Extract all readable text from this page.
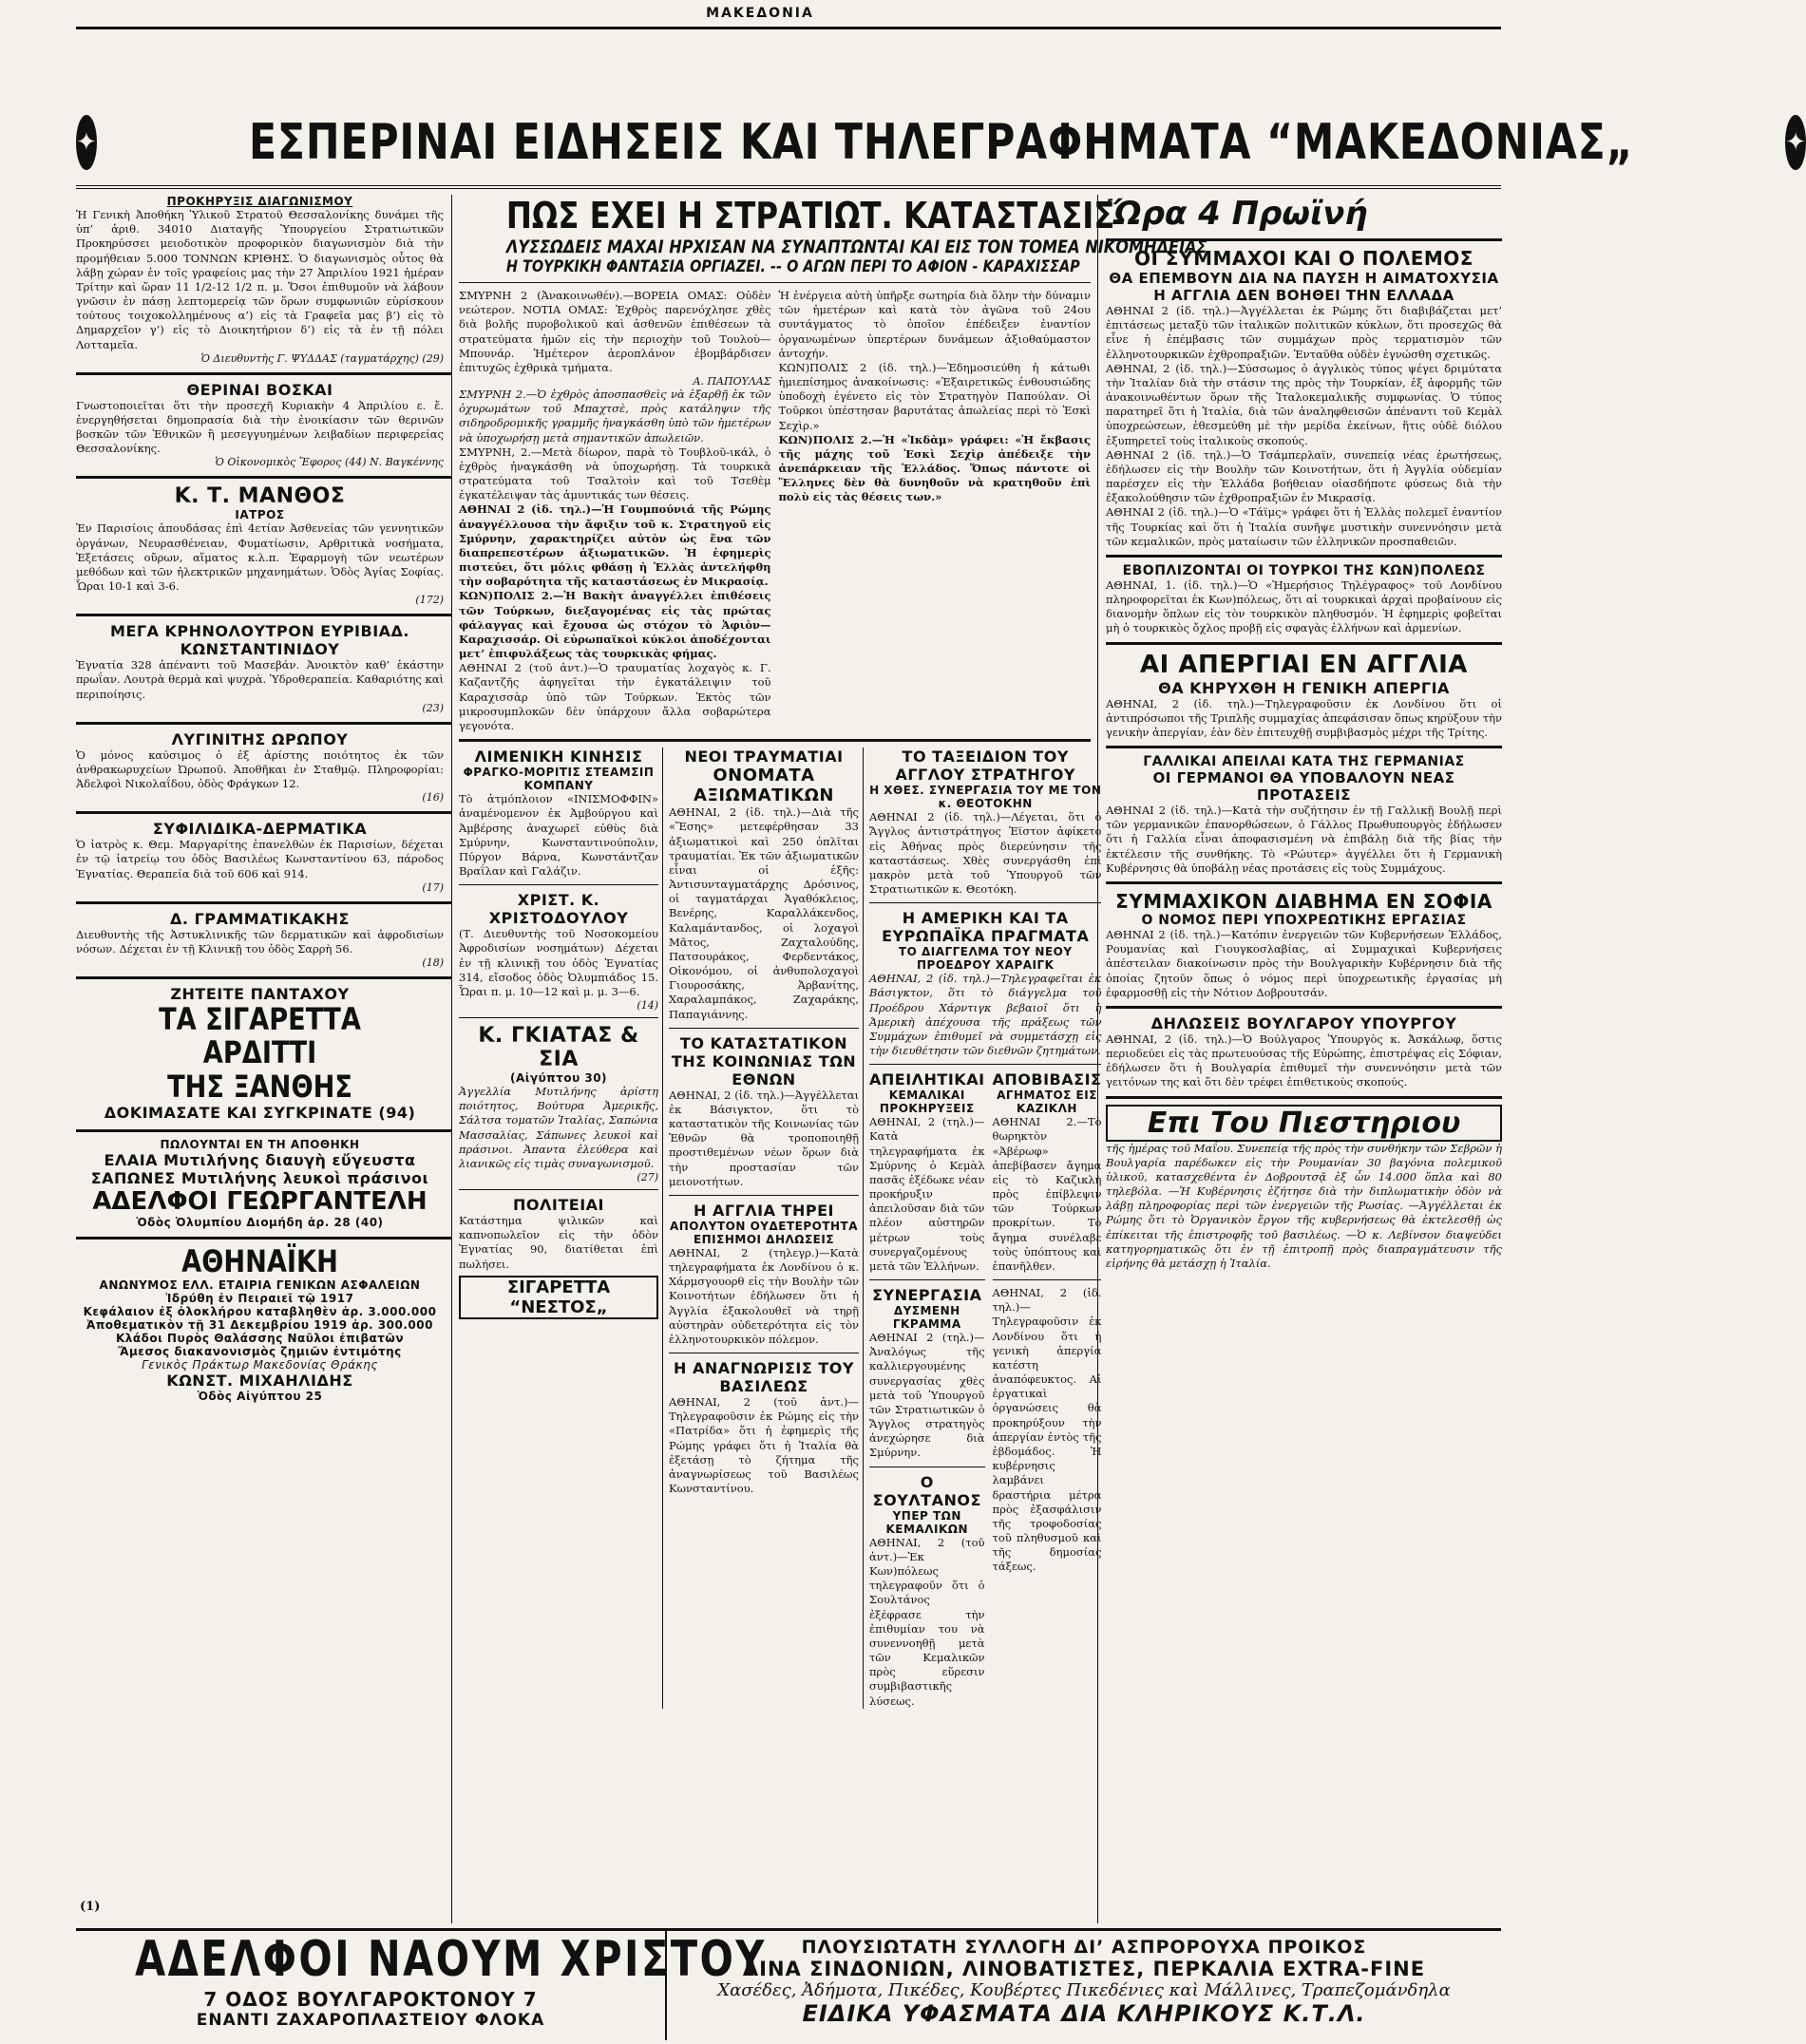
ΜΑΚΕΔΟΝΙΑ
✦	ΕΣΠΕΡΙΝΑΙ ΕΙΔΗΣΕΙΣ ΚΑΙ ΤΗΛΕΓΡΑΦΗΜΑΤΑ “ΜΑΚΕΔΟΝΙΑΣ„	✦
ΠΡΟΚΗΡΥΞΙΣ ΔΙΑΓΩΝΙΣΜΟΥ
Ἡ Γενικὴ Ἀποθήκη Ὑλικοῦ Στρατοῦ Θεσσαλονίκης δυνάμει τῆς ὑπ’ ἀριθ. 34010 Διαταγῆς Ὑπουργείου Στρατιωτικῶν Προκηρύσσει μειοδοτικὸν προφορικὸν διαγωνισμὸν διὰ τὴν προμήθειαν 5.000 ΤΟΝΝΩΝ ΚΡΙΘΗΣ. Ὁ διαγωνισμὸς οὗτος θὰ λάβῃ χώραν ἐν τοῖς γραφείοις μας τὴν 27 Ἀπριλίου 1921 ἡμέραν Τρίτην καὶ ὥραν 11 1/2-12 1/2 π. μ. Ὅσοι ἐπιθυμοῦν νὰ λάβουν γνῶσιν ἐν πάσῃ λεπτομερείᾳ τῶν ὅρων συμφωνιῶν εὑρίσκουν τούτους τοιχοκολλημένους α’) εἰς τὰ Γραφεῖα μας β’) εἰς τὸ Δημαρχεῖον γ’) εἰς τὸ Διοικητήριον δ’) εἰς τὰ ἐν τῇ πόλει Λοτταμεῖα.
Ὁ Διευθυντὴς Γ. ΨΥΔΔΑΣ (ταγματάρχης) (29)
ΘΕΡΙΝΑΙ ΒΟΣΚΑΙ
Γνωστοποιεῖται ὅτι τὴν προσεχῆ Κυριακὴν 4 Ἀπριλίου ε. ἔ. ἐνεργηθήσεται δημοπρασία διὰ τὴν ἐνοικίασιν τῶν θερινῶν βοσκῶν τῶν Ἐθνικῶν ἢ μεσεγγυημένων λειβαδίων περιφερείας Θεσσαλονίκης.
Ὁ Οἰκονομικὸς Ἔφορος (44) Ν. Βαγκέννης
Κ. Τ. ΜΑΝΘΟΣ
ΙΑΤΡΟΣ
Ἐν Παρισίοις ἀπουδάσας ἐπὶ 4ετίαν Ἀσθενείας τῶν γεννητικῶν ὀργάνων, Νευρασθένειαν, Φυματίωσιν, Αρθριτικὰ νοσήματα, Ἐξετάσεις οὔρων, αἵματος κ.λ.π. Ἐφαρμογὴ τῶν νεωτέρων μεθόδων καὶ τῶν ἠλεκτρικῶν μηχανημάτων. Ὁδὸς Ἀγίας Σοφίας. Ὧραι 10-1 καὶ 3-6.
(172)
ΜΕΓΑ ΚΡΗΝΟΛΟΥΤΡΟΝ ΕΥΡΙΒΙΑΔ. ΚΩΝΣΤΑΝΤΙΝΙΔΟΥ
Ἐγνατία 328 ἀπέναντι τοῦ Μασεβάν. Ἀνοικτὸν καθ’ ἑκάστην πρωΐαν. Λουτρὰ θερμὰ καὶ ψυχρὰ. Ὑδροθεραπεία. Καθαριότης καὶ περιποίησις.
(23)
ΛΥΓΙΝΙΤΗΣ ΩΡΩΠΟΥ
Ὁ μόνος καύσιμος ὁ ἐξ ἀρίστης ποιότητος ἐκ τῶν ἀνθρακωρυχείων Ὠρωποῦ. Ἀποθῆκαι ἐν Σταθμῷ. Πληροφορίαι: Ἀδελφοὶ Νικολαΐδου, ὁδὸς Φράγκων 12.
(16)
ΣΥΦΙΛΙΔΙΚΑ-ΔΕΡΜΑΤΙΚΑ
Ὁ ἰατρὸς κ. Θεμ. Μαργαρίτης ἐπανελθὼν ἐκ Παρισίων, δέχεται ἐν τῷ ἰατρείῳ του ὁδὸς Βασιλέως Κωνσταντίνου 63, πάροδος Ἐγνατίας. Θεραπεία διὰ τοῦ 606 καὶ 914.
(17)
Δ. ΓΡΑΜΜΑΤΙΚΑΚΗΣ
Διευθυντὴς τῆς Ἀστυκλινικῆς τῶν δερματικῶν καὶ ἀφροδισίων νόσων. Δέχεται ἐν τῇ Κλινικῇ του ὁδὸς Σαρρὴ 56.
(18)
ΖΗΤΕΙΤΕ ΠΑΝΤΑΧΟΥ
ΤΑ ΣΙΓΑΡΕΤΤΑ ΑΡΔΙΤΤΙ
ΤΗΣ ΞΑΝΘΗΣ
ΔΟΚΙΜΑΣΑΤΕ ΚΑΙ ΣΥΓΚΡΙΝΑΤΕ (94)
ΠΩΛΟΥΝΤΑΙ ΕΝ ΤΗ ΑΠΟΘΗΚΗ
ΕΛΑΙΑ Μυτιλήνης διαυγὴ εὔγευστα
ΣΑΠΩΝΕΣ Μυτιλήνης λευκοὶ πράσινοι
ΑΔΕΛΦΟΙ ΓΕΩΡΓΑΝΤΕΛΗ
Ὁδὸς Ὀλυμπίου Διομήδη ἀρ. 28 (40)
ΑΘΗΝΑΪΚΗ
ΑΝΩΝΥΜΟΣ ΕΛΛ. ΕΤΑΙΡΙΑ ΓΕΝΙΚΩΝ ΑΣΦΑΛΕΙΩΝ
Ἱδρύθη ἐν Πειραιεῖ τῷ 1917
Κεφάλαιον ἐξ ὁλοκλήρου καταβληθὲν ἀρ. 3.000.000
Ἀποθεματικὸν τῇ 31 Δεκεμβρίου 1919 ἀρ. 300.000
Κλάδοι Πυρὸς Θαλάσσης Ναῦλοι ἐπιβατῶν
Ἄμεσος διακανονισμὸς ζημιῶν ἐντιμότης
Γενικὸς Πράκτωρ Μακεδονίας Θράκης
ΚΩΝΣΤ. ΜΙΧΑΗΛΙΔΗΣ
Ὁδὸς Αἰγύπτου 25
(1)
ΠΩΣ ΕΧΕΙ Η ΣΤΡΑΤΙΩΤ. ΚΑΤΑΣΤΑΣΙΣ
ΛΥΣΣΩΔΕΙΣ ΜΑΧΑΙ ΗΡΧΙΣΑΝ ΝΑ ΣΥΝΑΠΤΩΝΤΑΙ ΚΑΙ ΕΙΣ ΤΟΝ ΤΟΜΕΑ ΝΙΚΟΜΗΔΕΙΑΣ
Η ΤΟΥΡΚΙΚΗ ΦΑΝΤΑΣΙΑ ΟΡΓΙΑΖΕΙ. -- Ο ΑΓΩΝ ΠΕΡΙ ΤΟ ΑΦΙΟΝ - ΚΑΡΑΧΙΣΣΑΡ
ΣΜΥΡΝΗ 2 (Ἀνακοινωθέν).—ΒΟΡΕΙΑ ΟΜΑΣ: Οὐδὲν νεώτερον. ΝΟΤΙΑ ΟΜΑΣ: Ἐχθρὸς παρενόχλησε χθὲς διὰ βολῆς πυροβολικοῦ καὶ ἀσθενῶν ἐπιθέσεων τὰ στρατεύματα ἡμῶν εἰς τὴν περιοχὴν τοῦ Τουλοὺ—Μπουνάρ. Ἡμέτερον ἀεροπλάνον ἐβομβάρδισεν ἐπιτυχῶς ἐχθρικὰ τμήματα.
Α. ΠΑΠΟΥΛΑΣ
ΣΜΥΡΝΗ 2.—Ὁ ἐχθρὸς ἀποσπασθεὶς νὰ ἐξαρθῇ ἐκ τῶν ὀχυρωμάτων τοῦ Μπαχτσὲ, πρὸς κατάληψιν τῆς σιδηροδρομικῆς γραμμῆς ἠναγκάσθη ὑπὸ τῶν ἡμετέρων νὰ ὑποχωρήσῃ μετὰ σημαντικῶν ἀπωλειῶν.
ΣΜΥΡΝΗ, 2.—Μετὰ δίωρον, παρὰ τὸ Τουβλοῦ-ικάλ, ὁ ἐχθρὸς ἠναγκάσθη νὰ ὑποχωρήσῃ. Τὰ τουρκικὰ στρατεύματα τοῦ Τσαλτοὶν καὶ τοῦ Τσεθὲμ ἐγκατέλειψαν τὰς ἀμυντικάς των θέσεις.
ΑΘΗΝΑΙ 2 (ἰδ. τηλ.)—Ἡ Γουμπούνιά τῆς Ρώμης ἀναγγέλλουσα τὴν ἄφιξιν τοῦ κ. Στρατηγοῦ εἰς Σμύρνην, χαρακτηρίζει αὐτὸν ὡς ἕνα τῶν διαπρεπεστέρων ἀξιωματικῶν. Ἡ ἐφημερὶς πιστεύει, ὅτι μόλις φθάσῃ ἡ Ἑλλὰς ἀντελήφθη τὴν σοβαρότητα τῆς καταστάσεως ἐν Μικρασίᾳ.
ΚΩΝ)ΠΟΛΙΣ 2.—Ἡ Βακὴτ ἀναγγέλλει ἐπιθέσεις τῶν Τούρκων, διεξαγομένας εἰς τὰς πρώτας φάλαγγας καὶ ἔχουσα ὡς στόχον τὸ Ἀφιὸν—Καραχισσάρ. Οἱ εὐρωπαϊκοὶ κύκλοι ἀποδέχονται μετ’ ἐπιφυλάξεως τὰς τουρκικὰς φήμας.
ΑΘΗΝΑΙ 2 (τοῦ ἀντ.)—Ὁ τραυματίας λοχαγὸς κ. Γ. Καζαντζῆς ἀφηγεῖται τὴν ἐγκατάλειψιν τοῦ Καραχισσὰρ ὑπὸ τῶν Τούρκων. Ἐκτὸς τῶν μικροσυμπλοκῶν δὲν ὑπάρχουν ἄλλα σοβαρώτερα γεγονότα.
Ἡ ἐνέργεια αὐτὴ ὑπῆρξε σωτηρία διὰ ὅλην τὴν δύναμιν τῶν ἡμετέρων καὶ κατὰ τὸν ἀγῶνα τοῦ 24ου συντάγματος τὸ ὁποῖον ἐπέδειξεν ἐναντίον ὀργανωμένων ὑπερτέρων δυνάμεων ἀξιοθαύμαστον ἀντοχήν.
ΚΩΝ)ΠΟΛΙΣ 2 (ἰδ. τηλ.)—Ἐδημοσιεύθη ἡ κάτωθι ἡμιεπίσημος ἀνακοίνωσις: «Ἐξαιρετικῶς ἐνθουσιώδης ὑποδοχὴ ἐγένετο εἰς τὸν Στρατηγὸν Παπούλαν. Οἱ Τοῦρκοι ὑπέστησαν βαρυτάτας ἀπωλείας περὶ τὸ Ἐσκὶ Σεχὶρ.»
ΚΩΝ)ΠΟΛΙΣ 2.—Ἡ «Ἰκδὰμ» γράφει: «Ἡ ἔκβασις τῆς μάχης τοῦ Ἐσκὶ Σεχὶρ ἀπέδειξε τὴν ἀνεπάρκειαν τῆς Ἑλλάδος. Ὅπως πάντοτε οἱ Ἕλληνες δὲν θὰ δυνηθοῦν νὰ κρατηθοῦν ἐπὶ πολὺ εἰς τὰς θέσεις των.»
ΛΙΜΕΝΙΚΗ ΚΙΝΗΣΙΣ
ΦΡΑΓΚΟ-ΜΟΡΙΤΙΣ ΣΤΕΑΜΣΙΠ ΚΟΜΠΑΝΥ
Τὸ ἀτμόπλοιον «ΙΝΙΣΜΟΦΦΙΝ» ἀναμένομενον ἐκ Ἀμβούργου καὶ Ἀμβέρσης ἀναχωρεῖ εὐθὺς διὰ Σμύρνην, Κωνσταντινούπολιν, Πύργον Βάρνα, Κωνστάντζαν Βραΐλαν καὶ Γαλάζιν.
ΧΡΙΣΤ. Κ. ΧΡΙΣΤΟΔΟΥΛΟΥ
(Τ. Διευθυντὴς τοῦ Νοσοκομείου Ἀφροδισίων νοσημάτων) Δέχεται ἐν τῇ κλινικῇ του ὁδὸς Ἐγνατίας 314, εἴσοδος ὁδὸς Ὀλυμπιάδος 15. Ὧραι π. μ. 10—12 καὶ μ. μ. 3—6.
(14)
Κ. ΓΚΙΑΤΑΣ & ΣΙΑ
(Αἰγύπτου 30)
Ἀγγελλία Μυτιλήνης ἀρίστη ποιότητος, Βούτυρα Ἀμερικῆς, Σάλτσα τοματῶν Ἰταλίας, Σαπώνια Μασσαλίας, Σάπωνες λευκοὶ καὶ πράσινοι. Ἀπαντα ἐλεύθερα καὶ λιανικῶς εἰς τιμὰς συναγωνισμοῦ.
(27)
ΠΟΛΙΤΕΙΑΙ
Κατάστημα ψιλικῶν καὶ καπνοπωλεῖον εἰς τὴν ὁδὸν Ἐγνατίας 90, διατίθεται ἐπὶ πωλήσει.
ΣΙΓΑΡΕΤΤΑ “ΝΕΣΤΟΣ„
ΝΕΟΙ ΤΡΑΥΜΑΤΙΑΙ
ΟΝΟΜΑΤΑ ΑΞΙΩΜΑΤΙΚΩΝ
ΑΘΗΝΑΙ, 2 (ἰδ. τηλ.)—Διὰ τῆς «Ἕσης» μετεφέρθησαν 33 ἀξιωματικοὶ καὶ 250 ὁπλῖται τραυματίαι. Ἐκ τῶν ἀξιωματικῶν εἶναι οἱ ἑξῆς: Ἀντισυνταγματάρχης Δρόσινος, οἱ ταγματάρχαι Ἀγαθόκλειος, Βενέρης, Καραλλάκενδος, Καλαμάντανδος, οἱ λοχαγοὶ Μᾶτος, Ζαχταλούδης, Πατσουράκος, Φερδεντάκος, Οἰκονόμου, οἱ ἀνθυπολοχαγοὶ Γιουροσάκης, Ἀρβανίτης, Χαραλαμπάκος, Ζαχαράκης, Παπαγιάννης.
ΤΟ ΚΑΤΑΣΤΑΤΙΚΟΝ ΤΗΣ ΚΟΙΝΩΝΙΑΣ ΤΩΝ ΕΘΝΩΝ
ΑΘΗΝΑΙ, 2 (ἰδ. τηλ.)—Ἀγγέλλεται ἐκ Βάσιγκτον, ὅτι τὸ καταστατικὸν τῆς Κοινωνίας τῶν Ἐθνῶν θὰ τροποποιηθῇ προστιθεμένων νέων ὅρων διὰ τὴν προστασίαν τῶν μειονοτήτων.
Η ΑΓΓΛΙΑ ΤΗΡΕΙ
ΑΠΟΛΥΤΟΝ ΟΥΔΕΤΕΡΟΤΗΤΑ
ΕΠΙΣΗΜΟΙ ΔΗΛΩΣΕΙΣ
ΑΘΗΝΑΙ, 2 (τηλεγρ.)—Κατὰ τηλεγραφήματα ἐκ Λονδίνου ὁ κ. Χάρμσγουορθ εἰς τὴν Βουλὴν τῶν Κοινοτήτων ἐδήλωσεν ὅτι ἡ Ἀγγλία ἐξακολουθεῖ νὰ τηρῇ αὐστηρὰν οὐδετερότητα εἰς τὸν ἑλληνοτουρκικὸν πόλεμον.
Η ΑΝΑΓΝΩΡΙΣΙΣ ΤΟΥ ΒΑΣΙΛΕΩΣ
ΑΘΗΝΑΙ, 2 (τοῦ ἀντ.)—Τηλεγραφοῦσιν ἐκ Ρώμης εἰς τὴν «Πατρίδα» ὅτι ἡ ἐφημερὶς τῆς Ρώμης γράφει ὅτι ἡ Ἰταλία θὰ ἐξετάσῃ τὸ ζήτημα τῆς ἀναγνωρίσεως τοῦ Βασιλέως Κωνσταντίνου.
ΤΟ ΤΑΞΕΙΔΙΟΝ ΤΟΥ ΑΓΓΛΟΥ ΣΤΡΑΤΗΓΟΥ
Η ΧΘΕΣ. ΣΥΝΕΡΓΑΣΙΑ ΤΟΥ ΜΕ ΤΟΝ κ. ΘΕΟΤΟΚΗΝ
ΑΘΗΝΑΙ 2 (ἰδ. τηλ.)—Λέγεται, ὅτι ὁ Ἄγγλος ἀντιστράτηγος Ἐϊστον ἀφίκετο εἰς Ἀθήνας πρὸς διερεύνησιν τῆς καταστάσεως. Χθὲς συνεργάσθη ἐπὶ μακρὸν μετὰ τοῦ Ὑπουργοῦ τῶν Στρατιωτικῶν κ. Θεοτόκη.
Η ΑΜΕΡΙΚΗ ΚΑΙ ΤΑ ΕΥΡΩΠΑΪΚΑ ΠΡΑΓΜΑΤΑ
ΤΟ ΔΙΑΓΓΕΛΜΑ ΤΟΥ ΝΕΟΥ ΠΡΟΕΔΡΟΥ ΧΑΡΑΙΓΚ
ΑΘΗΝΑΙ, 2 (ἰδ. τηλ.)—Τηλεγραφεῖται ἐκ Βάσιγκτον, ὅτι τὸ διάγγελμα τοῦ Προέδρου Χάρντιγκ βεβαιοῖ ὅτι ἡ Ἀμερικὴ ἀπέχουσα τῆς πράξεως τῶν Συμμάχων ἐπιθυμεῖ νὰ συμμετάσχῃ εἰς τὴν διευθέτησιν τῶν διεθνῶν ζητημάτων.
ΑΠΕΙΛΗΤΙΚΑΙ
ΚΕΜΑΛΙΚΑΙ ΠΡΟΚΗΡΥΞΕΙΣ
ΑΘΗΝΑΙ, 2 (τηλ.)—Κατὰ τηλεγραφήματα ἐκ Σμύρνης ὁ Κεμὰλ πασᾶς ἐξέδωκε νέαν προκήρυξιν ἀπειλοῦσαν διὰ τῶν πλέον αὐστηρῶν μέτρων τοὺς συνεργαζομένους μετὰ τῶν Ἑλλήνων.
ΣΥΝΕΡΓΑΣΙΑ
ΔΥΣΜΕΝΗ ΓΚΡΑΜΜΑ
ΑΘΗΝΑΙ 2 (τηλ.)—Ἀναλόγως τῆς καλλιεργουμένης συνεργασίας χθὲς μετὰ τοῦ Ὑπουργοῦ τῶν Στρατιωτικῶν ὁ Ἄγγλος στρατηγὸς ἀνεχώρησε διὰ Σμύρνην.
Ο ΣΟΥΛΤΑΝΟΣ
ΥΠΕΡ ΤΩΝ ΚΕΜΑΛΙΚΩΝ
ΑΘΗΝΑΙ, 2 (τοῦ ἀντ.)—Ἐκ Κων)πόλεως τηλεγραφοῦν ὅτι ὁ Σουλτάνος ἐξέφρασε τὴν ἐπιθυμίαν του νὰ συνεννοηθῇ μετὰ τῶν Κεμαλικῶν πρὸς εὕρεσιν συμβιβαστικῆς λύσεως.
ΑΠΟΒΙΒΑΣΙΣ
ΑΓΗΜΑΤΟΣ ΕΙΣ ΚΑΖΙΚΛΗ
ΑΘΗΝΑΙ 2.—Τὸ θωρηκτὸν «Ἀβέρωφ» ἀπεβίβασεν ἄγημα εἰς τὸ Καζικλὴ πρὸς ἐπίβλεψιν τῶν Τούρκων προκρίτων. Τὸ ἄγημα συνέλαβε τοὺς ὑπόπτους καὶ ἐπανῆλθεν.
ΑΘΗΝΑΙ, 2 (ἰδ. τηλ.)—Τηλεγραφοῦσιν ἐκ Λονδίνου ὅτι ἡ γενικὴ ἀπεργία κατέστη ἀναπόφευκτος. Αἱ ἐργατικαὶ ὀργανώσεις θὰ προκηρύξουν τὴν ἀπεργίαν ἐντὸς τῆς ἑβδομάδος. Ἡ κυβέρνησις λαμβάνει δραστήρια μέτρα πρὸς ἐξασφάλισιν τῆς τροφοδοσίας τοῦ πληθυσμοῦ καὶ τῆς δημοσίας τάξεως.
Ὥρα 4 Πρωϊνή
ΟΙ ΣΥΜΜΑΧΟΙ ΚΑΙ Ο ΠΟΛΕΜΟΣ
ΘΑ ΕΠΕΜΒΟΥΝ ΔΙΑ ΝΑ ΠΑΥΣΗ Η ΑΙΜΑΤΟΧΥΣΙΑ
Η ΑΓΓΛΙΑ ΔΕΝ ΒΟΗΘΕΙ ΤΗΝ ΕΛΛΑΔΑ
ΑΘΗΝΑΙ 2 (ἰδ. τηλ.)—Ἀγγέλλεται ἐκ Ρώμης ὅτι διαβιβάζεται μετ’ ἐπιτάσεως μεταξὺ τῶν ἰταλικῶν πολιτικῶν κύκλων, ὅτι προσεχῶς θὰ εἶνε ἡ ἐπέμβασις τῶν συμμάχων πρὸς τερματισμὸν τῶν ἑλληνοτουρκικῶν ἐχθροπραξιῶν. Ἐνταῦθα οὐδὲν ἐγνώσθη σχετικῶς.
ΑΘΗΝΑΙ, 2 (ἰδ. τηλ.)—Σύσσωμος ὁ ἀγγλικὸς τύπος ψέγει δριμύτατα τὴν Ἰταλίαν διὰ τὴν στάσιν της πρὸς τὴν Τουρκίαν, ἐξ ἀφορμῆς τῶν ἀνακοινωθέντων ὅρων τῆς Ἰταλοκεμαλικῆς συμφωνίας. Ὁ τύπος παρατηρεῖ ὅτι ἡ Ἰταλία, διὰ τῶν ἀναληφθεισῶν ἀπέναντι τοῦ Κεμὰλ ὑποχρεώσεων, ἐθεσμεύθη μὲ τὴν μερίδα ἐκείνων, ἥτις οὐδὲ διόλου ἐξυπηρετεῖ τοὺς ἰταλικοὺς σκοπούς.
ΑΘΗΝΑΙ 2 (ἰδ. τηλ.)—Ὁ Τσάμπερλαϊν, συνεπείᾳ νέας ἐρωτήσεως, ἐδήλωσεν εἰς τὴν Βουλὴν τῶν Κοινοτήτων, ὅτι ἡ Ἀγγλία οὐδεμίαν παρέσχεν εἰς τὴν Ἑλλάδα βοήθειαν οἰασδήποτε φύσεως διὰ τὴν ἐξακολούθησιν τῶν ἐχθροπραξιῶν ἐν Μικρασίᾳ.
ΑΘΗΝΑΙ 2 (ἰδ. τηλ.)—Ὁ «Τάϊμς» γράφει ὅτι ἡ Ἑλλὰς πολεμεῖ ἐναντίον τῆς Τουρκίας καὶ ὅτι ἡ Ἰταλία συνῆψε μυστικὴν συνεννόησιν μετὰ τῶν κεμαλικῶν, πρὸς ματαίωσιν τῶν ἑλληνικῶν προσπαθειῶν.
ΕΒΟΠΛΙΖΟΝΤΑΙ ΟΙ ΤΟΥΡΚΟΙ ΤΗΣ ΚΩΝ)ΠΟΛΕΩΣ
ΑΘΗΝΑΙ, 1. (ἰδ. τηλ.)—Ὁ «Ἡμερήσιος Τηλέγραφος» τοῦ Λονδίνου πληροφορεῖται ἐκ Κων)πόλεως, ὅτι αἱ τουρκικαὶ ἀρχαὶ προβαίνουν εἰς διανομὴν ὅπλων εἰς τὸν τουρκικὸν πληθυσμόν. Ἡ ἐφημερὶς φοβεῖται μὴ ὁ τουρκικὸς ὄχλος προβῇ εἰς σφαγὰς ἑλλήνων καὶ ἀρμενίων.
ΑΙ ΑΠΕΡΓΙΑΙ ΕΝ ΑΓΓΛΙΑ
ΘΑ ΚΗΡΥΧΘΗ Η ΓΕΝΙΚΗ ΑΠΕΡΓΙΑ
ΑΘΗΝΑΙ, 2 (ἰδ. τηλ.)—Τηλεγραφοῦσιν ἐκ Λονδίνου ὅτι οἱ ἀντιπρόσωποι τῆς Τριπλῆς συμμαχίας ἀπεφάσισαν ὅπως κηρύξουν τὴν γενικὴν ἀπεργίαν, ἐὰν δὲν ἐπιτευχθῇ συμβιβασμὸς μέχρι τῆς Τρίτης.
ΓΑΛΛΙΚΑΙ ΑΠΕΙΛΑΙ ΚΑΤΑ ΤΗΣ ΓΕΡΜΑΝΙΑΣ
ΟΙ ΓΕΡΜΑΝΟΙ ΘΑ ΥΠΟΒΑΛΟΥΝ ΝΕΑΣ ΠΡΟΤΑΣΕΙΣ
ΑΘΗΝΑΙ 2 (ἰδ. τηλ.)—Κατὰ τὴν συζήτησιν ἐν τῇ Γαλλικῇ Βουλῇ περὶ τῶν γερμανικῶν ἐπανορθώσεων, ὁ Γάλλος Πρωθυπουργὸς ἐδήλωσεν ὅτι ἡ Γαλλία εἶναι ἀποφασισμένη νὰ ἐπιβάλῃ διὰ τῆς βίας τὴν ἐκτέλεσιν τῆς συνθήκης. Τὸ «Ρώυτερ» ἀγγέλλει ὅτι ἡ Γερμανικὴ Κυβέρνησις θὰ ὑποβάλῃ νέας προτάσεις εἰς τοὺς Συμμάχους.
ΣΥΜΜΑΧΙΚΟΝ ΔΙΑΒΗΜΑ ΕΝ ΣΟΦΙΑ
Ο ΝΟΜΟΣ ΠΕΡΙ ΥΠΟΧΡΕΩΤΙΚΗΣ ΕΡΓΑΣΙΑΣ
ΑΘΗΝΑΙ 2 (ἰδ. τηλ.)—Κατόπιν ἐνεργειῶν τῶν Κυβερνήσεων Ἑλλάδος, Ρουμανίας καὶ Γιουγκοσλαβίας, αἱ Συμμαχικαὶ Κυβερνήσεις ἀπέστειλαν διακοίνωσιν πρὸς τὴν Βουλγαρικὴν Κυβέρνησιν διὰ τῆς ὁποίας ζητοῦν ὅπως ὁ νόμος περὶ ὑποχρεωτικῆς ἐργασίας μὴ ἐφαρμοσθῇ εἰς τὴν Νότιον Δοβρουτσάν.
ΔΗΛΩΣΕΙΣ ΒΟΥΛΓΑΡΟΥ ΥΠΟΥΡΓΟΥ
ΑΘΗΝΑΙ, 2 (ἰδ. τηλ.)—Ὁ Βούλγαρος Ὑπουργὸς κ. Ἀσκάλωφ, ὅστις περιοδεύει εἰς τὰς πρωτευούσας τῆς Εὐρώπης, ἐπιστρέψας εἰς Σόφιαν, ἐδήλωσεν ὅτι ἡ Βουλγαρία ἐπιθυμεῖ τὴν συνεννόησιν μετὰ τῶν γειτόνων της καὶ ὅτι δὲν τρέφει ἐπιθετικοὺς σκοπούς.
Επι Του Πιεστηριου
τῆς ἡμέρας τοῦ Μαΐου. Συνεπείᾳ τῆς πρὸς τὴν συνθήκην τῶν Σεβρῶν ἡ Βουλγαρία παρέδωκεν εἰς τὴν Ρουμανίαν 30 βαγόνια πολεμικοῦ ὑλικοῦ, κατασχεθέντα ἐν Δοβρουτσᾷ ἐξ ὧν 14.000 ὅπλα καὶ 80 τηλεβόλα. —Ἡ Κυβέρνησις ἐζήτησε διὰ τὴν διπλωματικὴν ὁδὸν νὰ λάβῃ πληροφορίας περὶ τῶν ἐνεργειῶν τῆς Ρωσίας. —Ἀγγέλλεται ἐκ Ρώμης ὅτι τὸ Ὀργανικὸν ἔργον τῆς κυβερνήσεως θὰ ἐκτελεσθῇ ὡς ἐπίκειται τῆς ἐπιστροφῆς τοῦ βασιλέως. —Ὁ κ. Λεβίνσον διαψεύδει κατηγορηματικῶς ὅτι ἐν τῇ ἐπιτροπῇ πρὸς διαπραγμάτευσιν τῆς εἰρήνης θὰ μετάσχῃ ἡ Ἰταλία.
ΑΔΕΛΦΟΙ ΝΑΟΥΜ ΧΡΙΣΤΟΥ
7 ΟΔΟΣ ΒΟΥΛΓΑΡΟΚΤΟΝΟΥ 7
ΕΝΑΝΤΙ ΖΑΧΑΡΟΠΛΑΣΤΕΙΟΥ ΦΛΟΚΑ
ΠΛΟΥΣΙΩΤΑΤΗ ΣΥΛΛΟΓΗ ΔΙ’ ΑΣΠΡΟΡΟΥΧΑ ΠΡΟΙΚΟΣ
ΛΙΝΑ ΣΙΝΔΟΝΙΩΝ, ΛΙΝΟΒΑΤΙΣΤΕΣ, ΠΕΡΚΑΛΙΑ EXTRA-FINE
Χασέδες, Ἀδήμοτα, Πικέδες, Κουβέρτες Πικεδένιες καὶ Μάλλινες, Τραπεζομάνδηλα
ΕΙΔΙΚΑ ΥΦΑΣΜΑΤΑ ΔΙΑ ΚΛΗΡΙΚΟΥΣ Κ.Τ.Λ.
